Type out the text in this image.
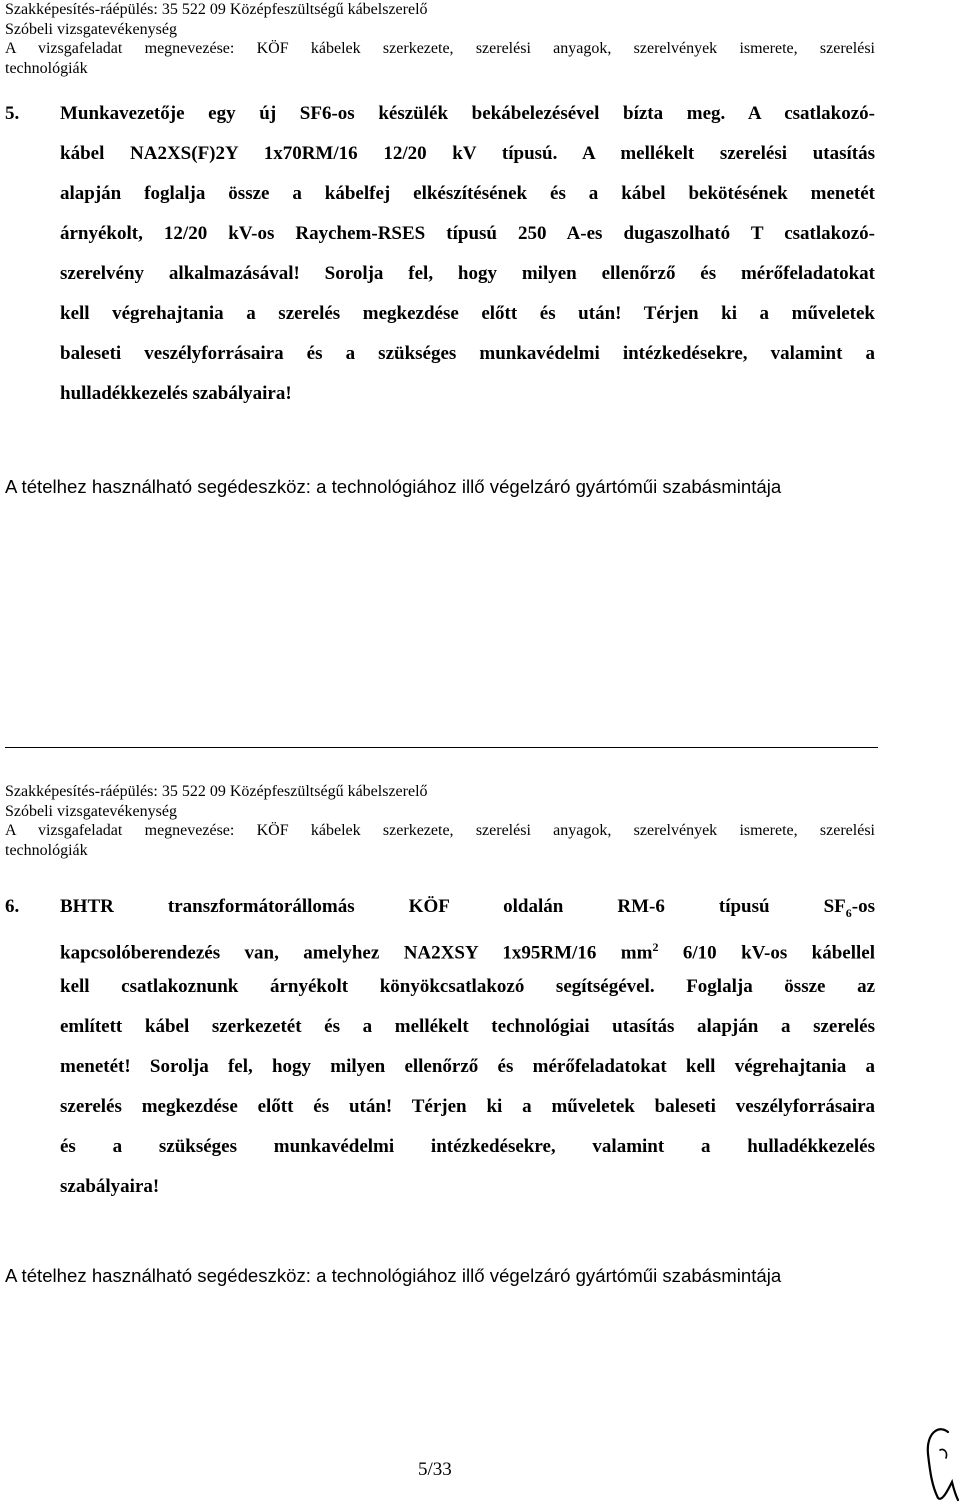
Szakképesítés-ráépülés: 35 522 09 Középfeszültségű kábelszerelő
Szóbeli vizsgatevékenység
A vizsgafeladat megnevezése: KÖF kábelek szerkezete, szerelési anyagok, szerelvények ismerete, szerelési
technológiák
5. Munkavezetője egy új SF6-os készülék bekábelezésével bízta meg. A csatlakozó-
kábel NA2XS(F)2Y 1x70RM/16 12/20 kV típusú. A mellékelt szerelési utasítás
alapján foglalja össze a kábelfej elkészítésének és a kábel bekötésének menetét
árnyékolt, 12/20 kV-os Raychem-RSES típusú 250 A-es dugaszolható T csatlakozó-
szerelvény alkalmazásával! Sorolja fel, hogy milyen ellenőrző és mérőfeladatokat
kell végrehajtania a szerelés megkezdése előtt és után! Térjen ki a műveletek
baleseti veszélyforrásaira és a szükséges munkavédelmi intézkedésekre, valamint a
hulladékkezelés szabályaira!
A tételhez használható segédeszköz: a technológiához illő végelzáró gyártóműi szabásmintája
Szakképesítés-ráépülés: 35 522 09 Középfeszültségű kábelszerelő
Szóbeli vizsgatevékenység
A vizsgafeladat megnevezése: KÖF kábelek szerkezete, szerelési anyagok, szerelvények ismerete, szerelési
technológiák
6. BHTR transzformátorállomás KÖF oldalán RM-6 típusú $SF_6-os$
kapcsolóberendezés van, amelyhez NA2XSY 1x95RM/16 $mm^2$ 6/10 kV-os kábellel
kell csatlakoznunk árnyékolt könyökcsatlakozó segítségével. Foglalja össze az
említett kábel szerkezetét és a mellékelt technológiai utasítás alapján a szerelés
menetét! Sorolja fel, hogy milyen ellenőrző és mérőfeladatokat kell végrehajtania a
szerelés megkezdése előtt és után! Térjen ki a műveletek baleseti veszélyforrásaira
és a szükséges munkavédelmi intézkedésekre, valamint a hulladékkezelés
szabályaira!
A tételhez használható segédeszköz: a technológiához illő végelzáró gyártóműi szabásmintája
5/33
